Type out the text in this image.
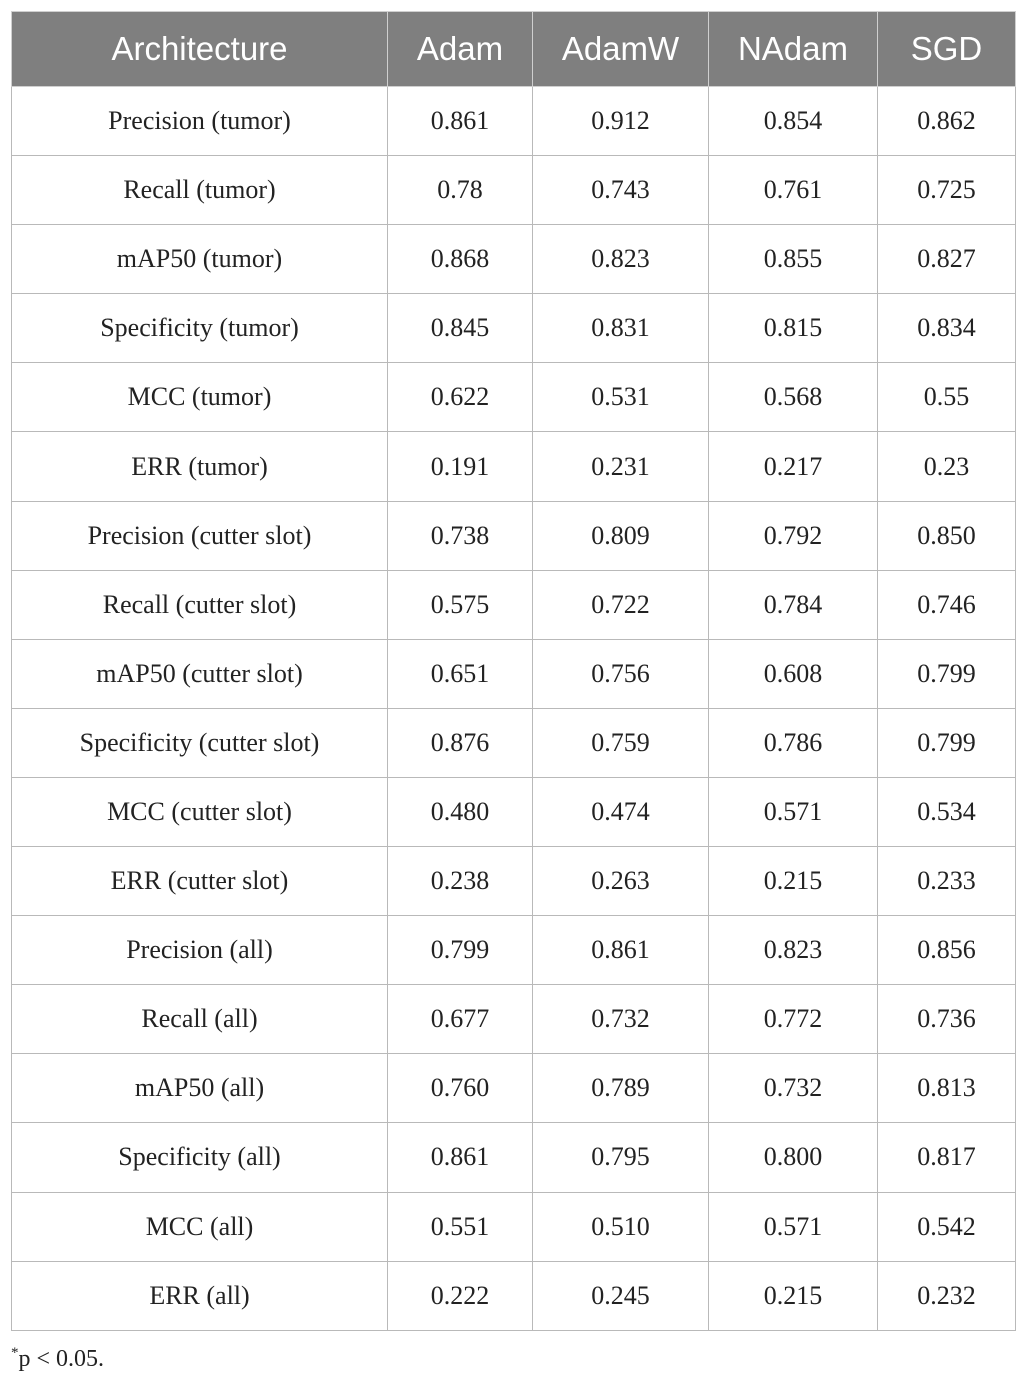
Architecture	Adam	AdamW	NAdam	SGD
Precision (tumor)	0.861	0.912	0.854	0.862
Recall (tumor)	0.78	0.743	0.761	0.725
mAP50 (tumor)	0.868	0.823	0.855	0.827
Specificity (tumor)	0.845	0.831	0.815	0.834
MCC (tumor)	0.622	0.531	0.568	0.55
ERR (tumor)	0.191	0.231	0.217	0.23
Precision (cutter slot)	0.738	0.809	0.792	0.850
Recall (cutter slot)	0.575	0.722	0.784	0.746
mAP50 (cutter slot)	0.651	0.756	0.608	0.799
Specificity (cutter slot)	0.876	0.759	0.786	0.799
MCC (cutter slot)	0.480	0.474	0.571	0.534
ERR (cutter slot)	0.238	0.263	0.215	0.233
Precision (all)	0.799	0.861	0.823	0.856
Recall (all)	0.677	0.732	0.772	0.736
mAP50 (all)	0.760	0.789	0.732	0.813
Specificity (all)	0.861	0.795	0.800	0.817
MCC (all)	0.551	0.510	0.571	0.542
ERR (all)	0.222	0.245	0.215	0.232
*p < 0.05.
